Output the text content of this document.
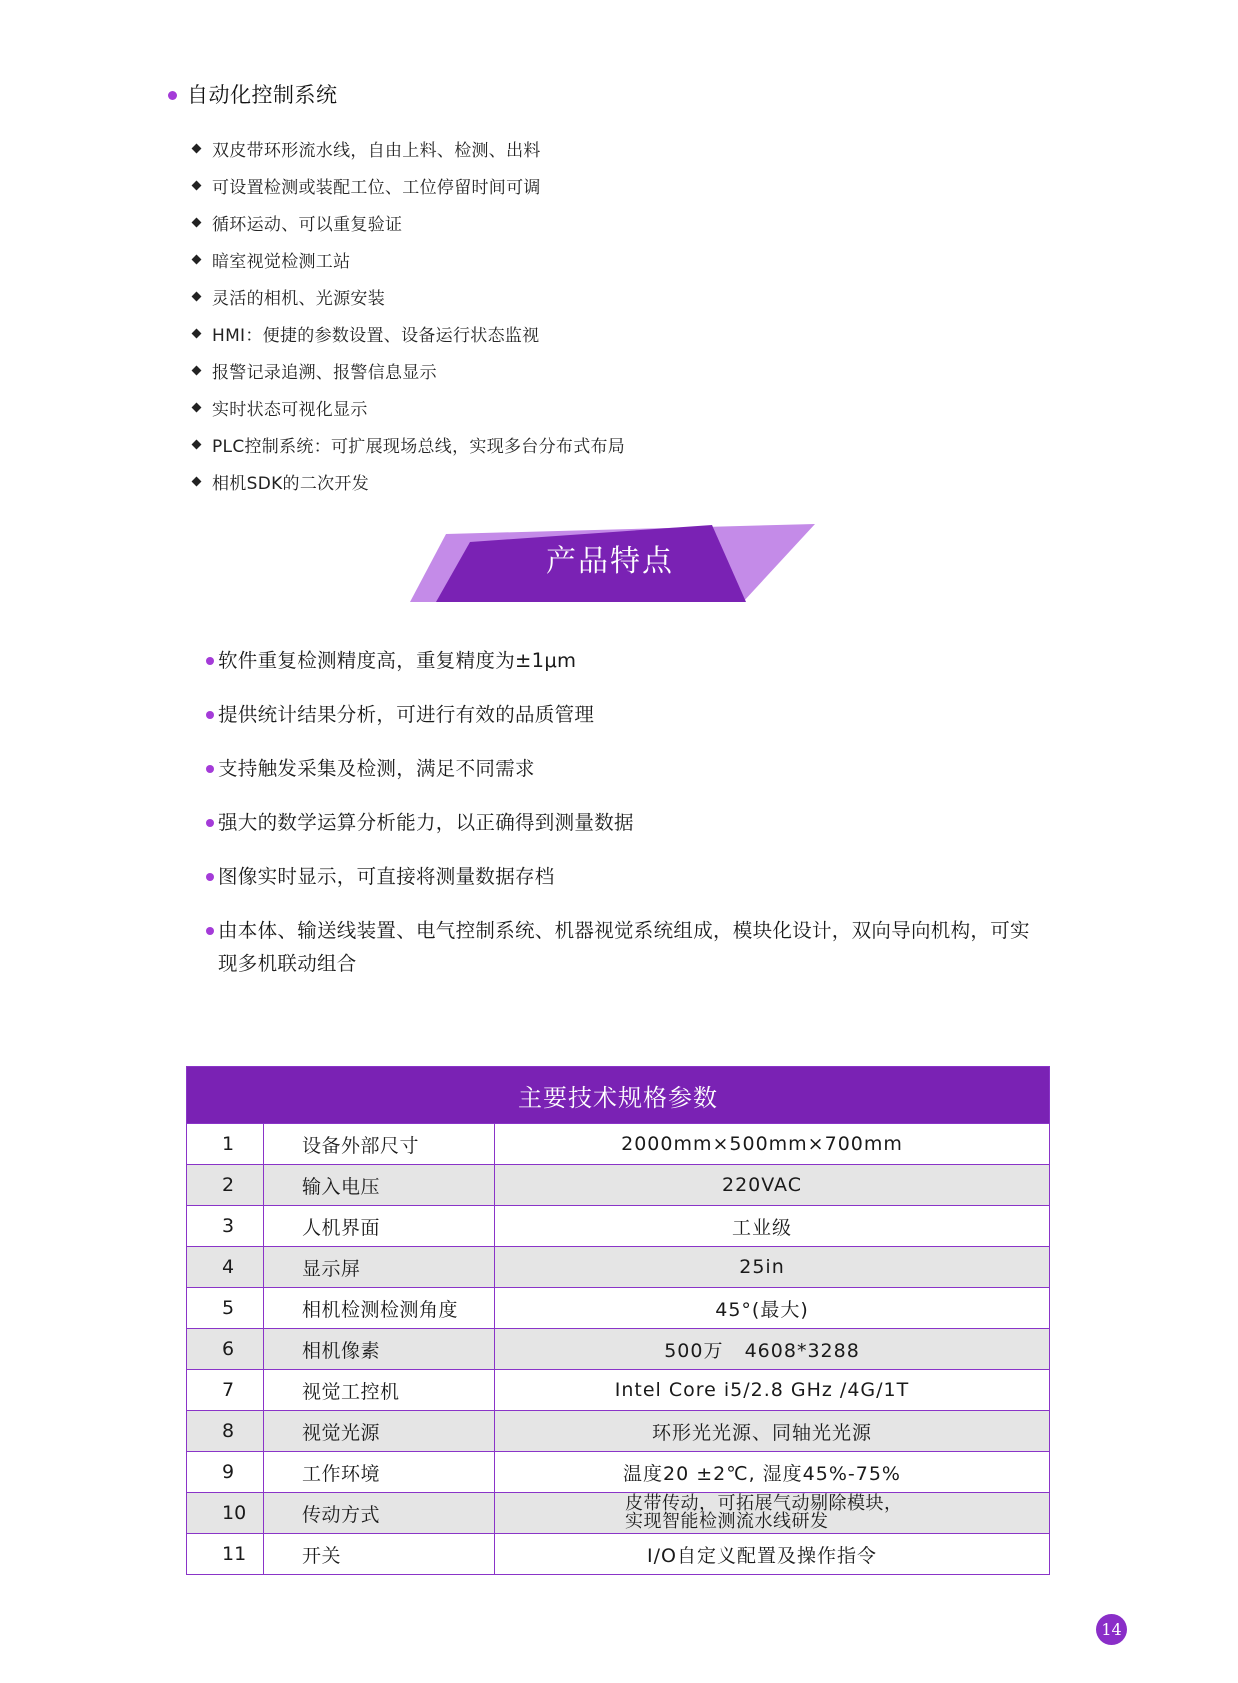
自动化控制系统
双皮带环形流水线，自由上料、检测、出料
可设置检测或装配工位、工位停留时间可调
循环运动、可以重复验证
暗室视觉检测工站
灵活的相机、光源安装
HMI：便捷的参数设置、设备运行状态监视
报警记录追溯、报警信息显示
实时状态可视化显示
PLC控制系统：可扩展现场总线，实现多台分布式布局
相机SDK的二次开发
产品特点
软件重复检测精度高，重复精度为±1μm
提供统计结果分析，可进行有效的品质管理
支持触发采集及检测，满足不同需求
强大的数学运算分析能力，以正确得到测量数据
图像实时显示，可直接将测量数据存档
由本体、输送线装置、电气控制系统、机器视觉系统组成，模块化设计，双向导向机构，可实现多机联动组合
主要技术规格参数
1	设备外部尺寸	2000mm×500mm×700mm
2	输入电压	220VAC
3	人机界面	工业级
4	显示屏	25in
5	相机检测检测角度	45°(最大)
6	相机像素	500万   4608*3288
7	视觉工控机	Intel Core i5/2.8 GHz /4G/1T
8	视觉光源	环形光光源、同轴光光源
9	工作环境	温度20 ±2℃, 湿度45%-75%
10	传动方式	皮带传动，可拓展气动剔除模块，
实现智能检测流水线研发
11	开关	I/O自定义配置及操作指令
14
